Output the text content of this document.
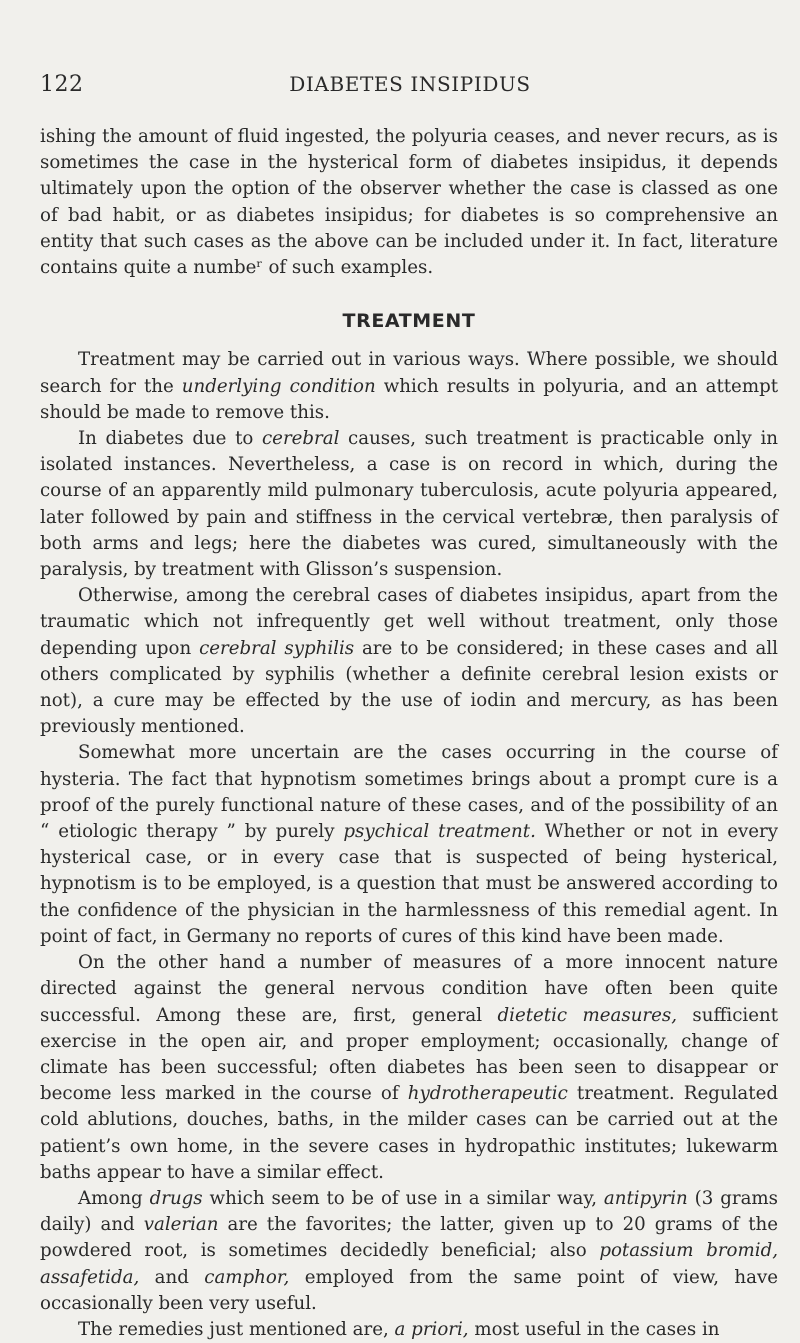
122	DIABETES INSIPIDUS

ishing the amount of fluid ingested, the polyuria ceases, and never recurs, as is sometimes the case in the hysterical form of diabetes insipidus, it depends ultimately upon the option of the observer whether the case is classed as one of bad habit, or as diabetes insipidus; for diabetes is so comprehensive an entity that such cases as the above can be included under it. In fact, literature contains quite a numbeʳ of such examples.

TREATMENT

Treatment may be carried out in various ways. Where possible, we should search for the underlying condition which results in polyuria, and an attempt should be made to remove this.

In diabetes due to cerebral causes, such treatment is practicable only in isolated instances. Nevertheless, a case is on record in which, during the course of an apparently mild pulmonary tuberculosis, acute polyuria appeared, later followed by pain and stiffness in the cervical vertebræ, then paralysis of both arms and legs; here the diabetes was cured, simultaneously with the paralysis, by treatment with Glisson’s suspension.

Otherwise, among the cerebral cases of diabetes insipidus, apart from the traumatic which not infrequently get well without treatment, only those depending upon cerebral syphilis are to be considered; in these cases and all others complicated by syphilis (whether a definite cerebral lesion exists or not), a cure may be effected by the use of iodin and mercury, as has been previously mentioned.

Somewhat more uncertain are the cases occurring in the course of hysteria. The fact that hypnotism sometimes brings about a prompt cure is a proof of the purely functional nature of these cases, and of the possibility of an “ etiologic therapy ” by purely psychical treatment. Whether or not in every hysterical case, or in every case that is suspected of being hysterical, hypnotism is to be employed, is a question that must be answered according to the confidence of the physician in the harmlessness of this remedial agent. In point of fact, in Germany no reports of cures of this kind have been made.

On the other hand a number of measures of a more innocent nature directed against the general nervous condition have often been quite successful. Among these are, first, general dietetic measures, sufficient exercise in the open air, and proper employment; occasionally, change of climate has been successful; often diabetes has been seen to disappear or become less marked in the course of hydrotherapeutic treatment. Regulated cold ablutions, douches, baths, in the milder cases can be carried out at the patient’s own home, in the severe cases in hydropathic institutes; lukewarm baths appear to have a similar effect.

Among drugs which seem to be of use in a similar way, antipyrin (3 grams daily) and valerian are the favorites; the latter, given up to 20 grams of the powdered root, is sometimes decidedly beneficial; also potassium bromid, assafetida, and camphor, employed from the same point of view, have occasionally been very useful.

The remedies just mentioned are, a priori, most useful in the cases in
